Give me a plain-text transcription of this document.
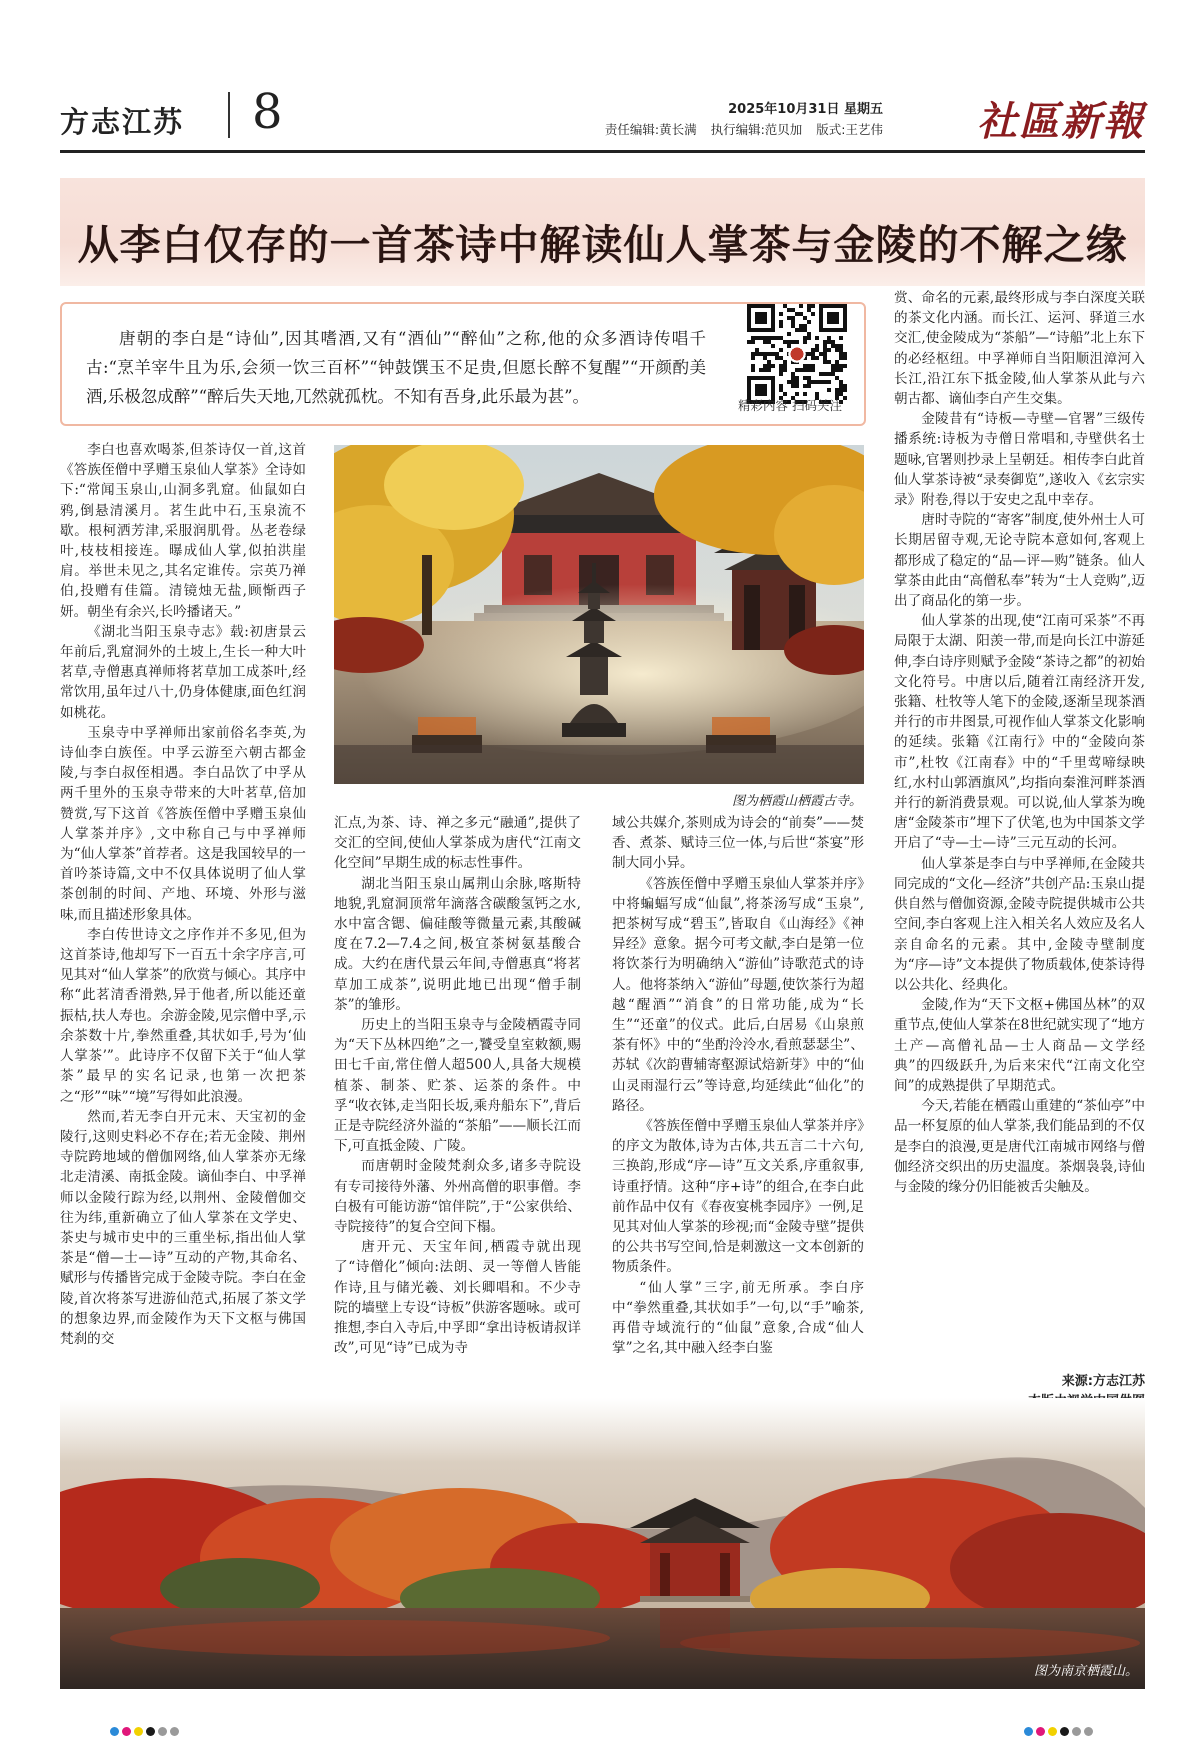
方志江苏 8	2025年10月31日 星期五
责任编辑:黄长满 执行编辑:范贝加 版式:王艺伟 社區新報
从李白仅存的一首茶诗中解读仙人掌茶与金陵的不解之缘

唐朝的李白是“诗仙”,因其嗜酒,又有“酒仙”“醉仙”之称,他的众多酒诗传唱千古:“烹羊宰牛且为乐,会须一饮三百杯”“钟鼓馔玉不足贵,但愿长醉不复醒”“开颜酌美酒,乐极忽成醉”“醉后失天地,兀然就孤枕。不知有吾身,此乐最为甚”。	精彩内容 扫码关注
图为栖霞山栖霞古寺。

李白也喜欢喝茶,但茶诗仅一首,这首《答族侄僧中孚赠玉泉仙人掌茶》全诗如下:“常闻玉泉山,山洞多乳窟。仙鼠如白鸦,倒悬清溪月。茗生此中石,玉泉流不歇。根柯洒芳津,采服润肌骨。丛老卷绿叶,枝枝相接连。曝成仙人掌,似拍洪崖肩。举世未见之,其名定谁传。宗英乃禅伯,投赠有佳篇。清镜烛无盐,顾惭西子妍。朝坐有余兴,长吟播诸天。”

《湖北当阳玉泉寺志》载:初唐景云年前后,乳窟洞外的土坡上,生长一种大叶茗草,寺僧惠真禅师将茗草加工成茶叶,经常饮用,虽年过八十,仍身体健康,面色红润如桃花。

玉泉寺中孚禅师出家前俗名李英,为诗仙李白族侄。中孚云游至六朝古都金陵,与李白叔侄相遇。李白品饮了中孚从两千里外的玉泉寺带来的大叶茗草,倍加赞赏,写下这首《答族侄僧中孚赠玉泉仙人掌茶并序》,文中称自己与中孚禅师为“仙人掌茶”首荐者。这是我国较早的一首吟茶诗篇,文中不仅具体说明了仙人掌茶创制的时间、产地、环境、外形与滋味,而且描述形象具体。

李白传世诗文之序作并不多见,但为这首茶诗,他却写下一百五十余字序言,可见其对“仙人掌茶”的欣赏与倾心。其序中称“此茗清香滑熟,异于他者,所以能还童振枯,扶人寿也。余游金陵,见宗僧中孚,示余茶数十片,拳然重叠,其状如手,号为‘仙人掌茶’”。此诗序不仅留下关于“仙人掌茶”最早的实名记录,也第一次把茶之“形”“味”“境”写得如此浪漫。

然而,若无李白开元末、天宝初的金陵行,这则史料必不存在;若无金陵、荆州寺院跨地域的僧伽网络,仙人掌茶亦无缘北走清溪、南抵金陵。谪仙李白、中孚禅师以金陵行踪为经,以荆州、金陵僧伽交往为纬,重新确立了仙人掌茶在文学史、茶史与城市史中的三重坐标,指出仙人掌茶是“僧—士—诗”互动的产物,其命名、赋形与传播皆完成于金陵寺院。李白在金陵,首次将茶写进游仙范式,拓展了茶文学的想象边界,而金陵作为天下文枢与佛国梵刹的交

汇点,为茶、诗、禅之多元“融通”,提供了交汇的空间,使仙人掌茶成为唐代“江南文化空间”早期生成的标志性事件。

湖北当阳玉泉山属荆山余脉,喀斯特地貌,乳窟洞顶常年滴落含碳酸氢钙之水,水中富含锶、偏硅酸等微量元素,其酸碱度在7.2—7.4之间,极宜茶树氨基酸合成。大约在唐代景云年间,寺僧惠真“将茗草加工成茶”,说明此地已出现“僧手制茶”的雏形。

历史上的当阳玉泉寺与金陵栖霞寺同为“天下丛林四绝”之一,饕受皇室敕额,赐田七千亩,常住僧人超500人,具备大规模植茶、制茶、贮茶、运茶的条件。中孚“收衣钵,走当阳长坂,乘舟船东下”,背后正是寺院经济外溢的“茶船”——顺长江而下,可直抵金陵、广陵。

而唐朝时金陵梵刹众多,诸多寺院设有专司接待外藩、外州高僧的职事僧。李白极有可能访游“馆伴院”,于“公家供给、寺院接待”的复合空间下榻。

唐开元、天宝年间,栖霞寺就出现了“诗僧化”倾向:法朗、灵一等僧人皆能作诗,且与储光羲、刘长卿唱和。不少寺院的墙壁上专设“诗板”供游客题咏。或可推想,李白入寺后,中孚即“拿出诗板请叔详改”,可见“诗”已成为寺

域公共媒介,茶则成为诗会的“前奏”——焚香、煮茶、赋诗三位一体,与后世“茶宴”形制大同小异。

《答族侄僧中孚赠玉泉仙人掌茶并序》中将蝙蝠写成“仙鼠”,将茶汤写成“玉泉”,把茶树写成“碧玉”,皆取自《山海经》《神异经》意象。据今可考文献,李白是第一位将饮茶行为明确纳入“游仙”诗歌范式的诗人。他将茶纳入“游仙”母题,使饮茶行为超越“醒酒”“消食”的日常功能,成为“长生”“还童”的仪式。此后,白居易《山泉煎茶有怀》中的“坐酌泠泠水,看煎瑟瑟尘”、苏轼《次韵曹辅寄壑源试焙新芽》中的“仙山灵雨湿行云”等诗意,均延续此“仙化”的路径。

《答族侄僧中孚赠玉泉仙人掌茶并序》的序文为散体,诗为古体,共五言二十六句,三换韵,形成“序—诗”互文关系,序重叙事,诗重抒情。这种“序+诗”的组合,在李白此前作品中仅有《春夜宴桃李园序》一例,足见其对仙人掌茶的珍视;而“金陵寺壁”提供的公共书写空间,恰是刺激这一文本创新的物质条件。

“仙人掌”三字,前无所承。李白序中“拳然重叠,其状如手”一句,以“手”喻茶,再借寺域流行的“仙鼠”意象,合成“仙人掌”之名,其中融入经李白鉴

赏、命名的元素,最终形成与李白深度关联的茶文化内涵。而长江、运河、驿道三水交汇,使金陵成为“茶船”—“诗船”北上东下的必经枢纽。中孚禅师自当阳顺沮漳河入长江,沿江东下抵金陵,仙人掌茶从此与六朝古都、谪仙李白产生交集。

金陵昔有“诗板—寺壁—官署”三级传播系统:诗板为寺僧日常唱和,寺壁供名士题咏,官署则抄录上呈朝廷。相传李白此首仙人掌茶诗被“录奏御览”,遂收入《玄宗实录》附卷,得以于安史之乱中幸存。

唐时寺院的“寄客”制度,使外州士人可长期居留寺观,无论寺院本意如何,客观上都形成了稳定的“品—评—购”链条。仙人掌茶由此由“高僧私奉”转为“士人竞购”,迈出了商品化的第一步。

仙人掌茶的出现,使“江南可采茶”不再局限于太湖、阳羡一带,而是向长江中游延伸,李白诗序则赋予金陵“茶诗之都”的初始文化符号。中唐以后,随着江南经济开发,张籍、杜牧等人笔下的金陵,逐渐呈现茶酒并行的市井图景,可视作仙人掌茶文化影响的延续。张籍《江南行》中的“金陵向茶市”,杜牧《江南春》中的“千里莺啼绿映红,水村山郭酒旗风”,均指向秦淮河畔茶酒并行的新消费景观。可以说,仙人掌茶为晚唐“金陵茶市”埋下了伏笔,也为中国茶文学开启了“寺—士—诗”三元互动的长河。

仙人掌茶是李白与中孚禅师,在金陵共同完成的“文化—经济”共创产品:玉泉山提供自然与僧伽资源,金陵寺院提供城市公共空间,李白客观上注入相关名人效应及名人亲自命名的元素。其中,金陵寺壁制度为“序—诗”文本提供了物质载体,使茶诗得以公共化、经典化。

金陵,作为“天下文枢+佛国丛林”的双重节点,使仙人掌茶在8世纪就实现了“地方土产—高僧礼品—士人商品—文学经典”的四级跃升,为后来宋代“江南文化空间”的成熟提供了早期范式。

今天,若能在栖霞山重建的“茶仙亭”中品一杯复原的仙人掌茶,我们能品到的不仅是李白的浪漫,更是唐代江南城市网络与僧伽经济交织出的历史温度。茶烟袅袅,诗仙与金陵的缘分仍旧能被舌尖触及。

来源:方志江苏
图为南京栖霞山。
